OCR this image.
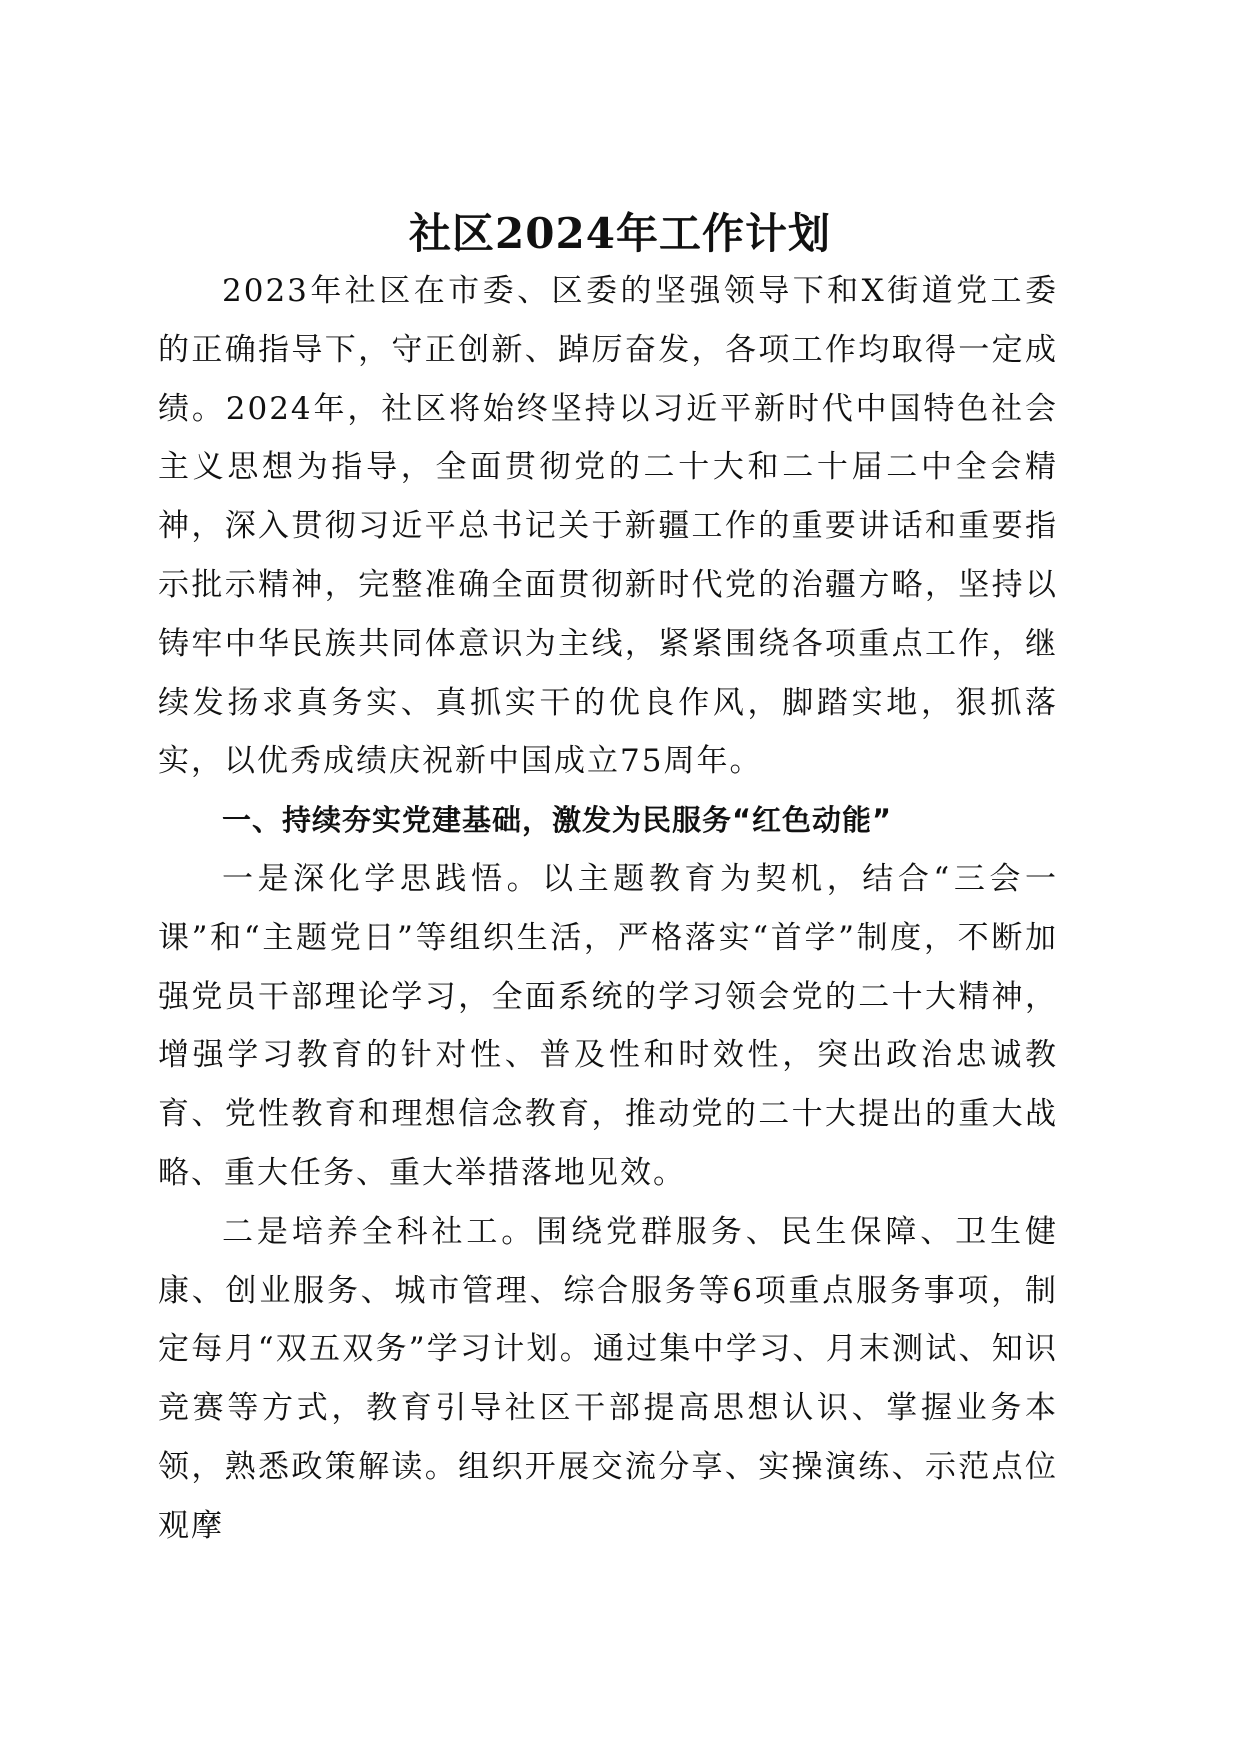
社区2024年工作计划

2023年社区在市委、区委的坚强领导下和X街道党工委的正确指导下，守正创新、踔厉奋发，各项工作均取得一定成绩。2024年，社区将始终坚持以习近平新时代中国特色社会主义思想为指导，全面贯彻党的二十大和二十届二中全会精神，深入贯彻习近平总书记关于新疆工作的重要讲话和重要指示批示精神，完整准确全面贯彻新时代党的治疆方略，坚持以铸牢中华民族共同体意识为主线，紧紧围绕各项重点工作，继续发扬求真务实、真抓实干的优良作风，脚踏实地，狠抓落实，以优秀成绩庆祝新中国成立75周年。

一、持续夯实党建基础，激发为民服务“红色动能”

一是深化学思践悟。以主题教育为契机，结合“三会一课”和“主题党日”等组织生活，严格落实“首学”制度，不断加强党员干部理论学习，全面系统的学习领会党的二十大精神，增强学习教育的针对性、普及性和时效性，突出政治忠诚教育、党性教育和理想信念教育，推动党的二十大提出的重大战略、重大任务、重大举措落地见效。

二是培养全科社工。围绕党群服务、民生保障、卫生健康、创业服务、城市管理、综合服务等6项重点服务事项，制定每月“双五双务”学习计划。通过集中学习、月末测试、知识竞赛等方式，教育引导社区干部提高思想认识、掌握业务本领，熟悉政策解读。组织开展交流分享、实操演练、示范点位观摩
